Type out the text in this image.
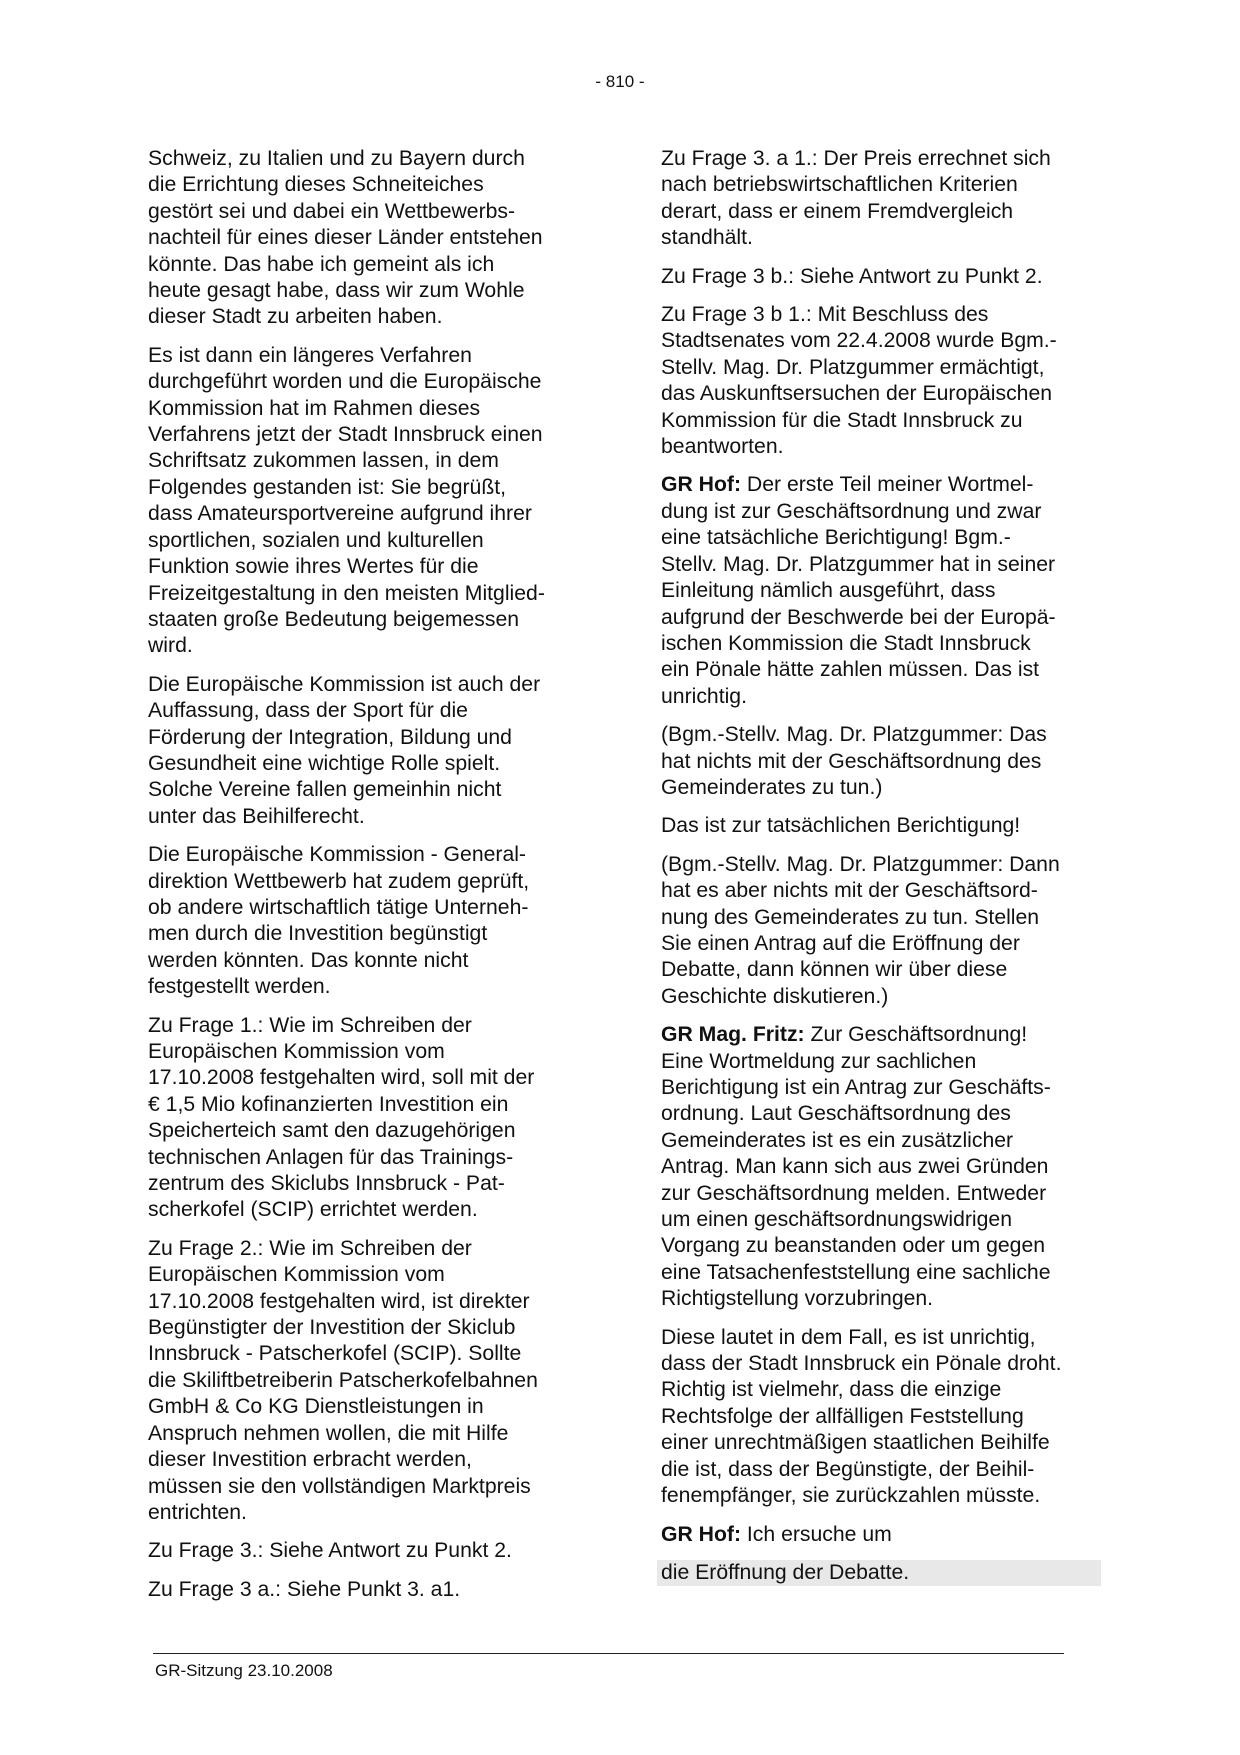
- 810 -
Schweiz, zu Italien und zu Bayern durch
die Errichtung dieses Schneiteiches
gestört sei und dabei ein Wettbewerbs-
nachteil für eines dieser Länder entstehen
könnte. Das habe ich gemeint als ich
heute gesagt habe, dass wir zum Wohle
dieser Stadt zu arbeiten haben.
Es ist dann ein längeres Verfahren
durchgeführt worden und die Europäische
Kommission hat im Rahmen dieses
Verfahrens jetzt der Stadt Innsbruck einen
Schriftsatz zukommen lassen, in dem
Folgendes gestanden ist: Sie begrüßt,
dass Amateursportvereine aufgrund ihrer
sportlichen, sozialen und kulturellen
Funktion sowie ihres Wertes für die
Freizeitgestaltung in den meisten Mitglied-
staaten große Bedeutung beigemessen
wird.
Die Europäische Kommission ist auch der
Auffassung, dass der Sport für die
Förderung der Integration, Bildung und
Gesundheit eine wichtige Rolle spielt.
Solche Vereine fallen gemeinhin nicht
unter das Beihilferecht.
Die Europäische Kommission - General-
direktion Wettbewerb hat zudem geprüft,
ob andere wirtschaftlich tätige Unterneh-
men durch die Investition begünstigt
werden könnten. Das konnte nicht
festgestellt werden.
Zu Frage 1.: Wie im Schreiben der
Europäischen Kommission vom
17.10.2008 festgehalten wird, soll mit der
€ 1,5 Mio kofinanzierten Investition ein
Speicherteich samt den dazugehörigen
technischen Anlagen für das Trainings-
zentrum des Skiclubs Innsbruck - Pat-
scherkofel (SCIP) errichtet werden.
Zu Frage 2.: Wie im Schreiben der
Europäischen Kommission vom
17.10.2008 festgehalten wird, ist direkter
Begünstigter der Investition der Skiclub
Innsbruck - Patscherkofel (SCIP). Sollte
die Skiliftbetreiberin Patscherkofelbahnen
GmbH & Co KG Dienstleistungen in
Anspruch nehmen wollen, die mit Hilfe
dieser Investition erbracht werden,
müssen sie den vollständigen Marktpreis
entrichten.
Zu Frage 3.: Siehe Antwort zu Punkt 2.
Zu Frage 3 a.: Siehe Punkt 3. a1.
Zu Frage 3. a 1.: Der Preis errechnet sich
nach betriebswirtschaftlichen Kriterien
derart, dass er einem Fremdvergleich
standhält.
Zu Frage 3 b.: Siehe Antwort zu Punkt 2.
Zu Frage 3 b 1.: Mit Beschluss des
Stadtsenates vom 22.4.2008 wurde Bgm.-
Stellv. Mag. Dr. Platzgummer ermächtigt,
das Auskunftsersuchen der Europäischen
Kommission für die Stadt Innsbruck zu
beantworten.
GR Hof: Der erste Teil meiner Wortmel-
dung ist zur Geschäftsordnung und zwar
eine tatsächliche Berichtigung! Bgm.-
Stellv. Mag. Dr. Platzgummer hat in seiner
Einleitung nämlich ausgeführt, dass
aufgrund der Beschwerde bei der Europä-
ischen Kommission die Stadt Innsbruck
ein Pönale hätte zahlen müssen. Das ist
unrichtig.
(Bgm.-Stellv. Mag. Dr. Platzgummer: Das
hat nichts mit der Geschäftsordnung des
Gemeinderates zu tun.)
Das ist zur tatsächlichen Berichtigung!
(Bgm.-Stellv. Mag. Dr. Platzgummer: Dann
hat es aber nichts mit der Geschäftsord-
nung des Gemeinderates zu tun. Stellen
Sie einen Antrag auf die Eröffnung der
Debatte, dann können wir über diese
Geschichte diskutieren.)
GR Mag. Fritz: Zur Geschäftsordnung!
Eine Wortmeldung zur sachlichen
Berichtigung ist ein Antrag zur Geschäfts-
ordnung. Laut Geschäftsordnung des
Gemeinderates ist es ein zusätzlicher
Antrag. Man kann sich aus zwei Gründen
zur Geschäftsordnung melden. Entweder
um einen geschäftsordnungswidrigen
Vorgang zu beanstanden oder um gegen
eine Tatsachenfeststellung eine sachliche
Richtigstellung vorzubringen.
Diese lautet in dem Fall, es ist unrichtig,
dass der Stadt Innsbruck ein Pönale droht.
Richtig ist vielmehr, dass die einzige
Rechtsfolge der allfälligen Feststellung
einer unrechtmäßigen staatlichen Beihilfe
die ist, dass der Begünstigte, der Beihil-
fenempfänger, sie zurückzahlen müsste.
GR Hof: Ich ersuche um
die Eröffnung der Debatte.
GR-Sitzung 23.10.2008
